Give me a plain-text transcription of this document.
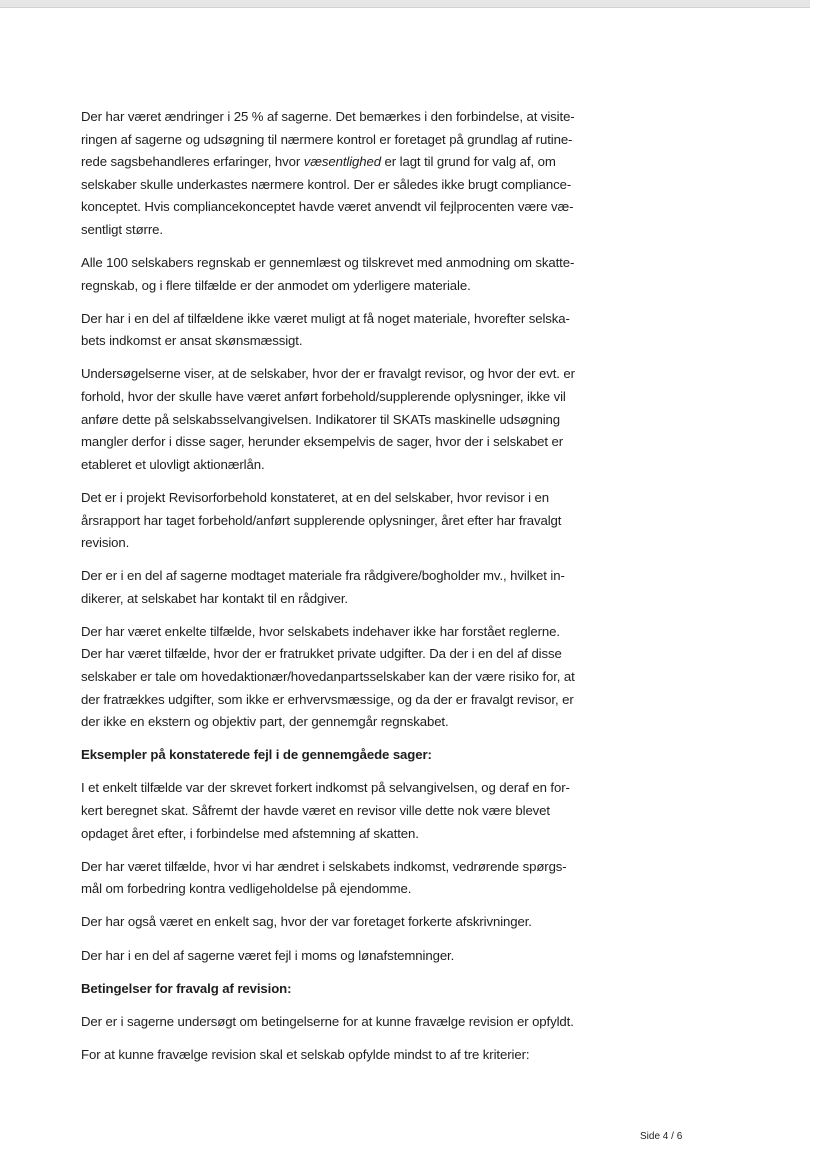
Der har været ændringer i 25 % af sagerne. Det bemærkes i den forbindelse, at visite-
ringen af sagerne og udsøgning til nærmere kontrol er foretaget på grundlag af rutine-
rede sagsbehandleres erfaringer, hvor væsentlighed er lagt til grund for valg af, om
selskaber skulle underkastes nærmere kontrol. Der er således ikke brugt compliance-
konceptet. Hvis compliancekonceptet havde været anvendt vil fejlprocenten være væ-
sentligt større.
Alle 100 selskabers regnskab er gennemlæst og tilskrevet med anmodning om skatte-
regnskab, og i flere tilfælde er der anmodet om yderligere materiale.
Der har i en del af tilfældene ikke været muligt at få noget materiale, hvorefter selska-
bets indkomst er ansat skønsmæssigt.
Undersøgelserne viser, at de selskaber, hvor der er fravalgt revisor, og hvor der evt. er
forhold, hvor der skulle have været anført forbehold/supplerende oplysninger, ikke vil
anføre dette på selskabsselvangivelsen. Indikatorer til SKATs maskinelle udsøgning
mangler derfor i disse sager, herunder eksempelvis de sager, hvor der i selskabet er
etableret et ulovligt aktionærlån.
Det er i projekt Revisorforbehold konstateret, at en del selskaber, hvor revisor i en
årsrapport har taget forbehold/anført supplerende oplysninger, året efter har fravalgt
revision.
Der er i en del af sagerne modtaget materiale fra rådgivere/bogholder mv., hvilket in-
dikerer, at selskabet har kontakt til en rådgiver.
Der har været enkelte tilfælde, hvor selskabets indehaver ikke har forstået reglerne.
Der har været tilfælde, hvor der er fratrukket private udgifter. Da der i en del af disse
selskaber er tale om hovedaktionær/hovedanpartsselskaber kan der være risiko for, at
der fratrækkes udgifter, som ikke er erhvervsmæssige, og da der er fravalgt revisor, er
der ikke en ekstern og objektiv part, der gennemgår regnskabet.
Eksempler på konstaterede fejl i de gennemgåede sager:
I et enkelt tilfælde var der skrevet forkert indkomst på selvangivelsen, og deraf en for-
kert beregnet skat. Såfremt der havde været en revisor ville dette nok være blevet
opdaget året efter, i forbindelse med afstemning af skatten.
Der har været tilfælde, hvor vi har ændret i selskabets indkomst, vedrørende spørgs-
mål om forbedring kontra vedligeholdelse på ejendomme.
Der har også været en enkelt sag, hvor der var foretaget forkerte afskrivninger.
Der har i en del af sagerne været fejl i moms og lønafstemninger.
Betingelser for fravalg af revision:
Der er i sagerne undersøgt om betingelserne for at kunne fravælge revision er opfyldt.
For at kunne fravælge revision skal et selskab opfylde mindst to af tre kriterier:
Side 4 / 6
